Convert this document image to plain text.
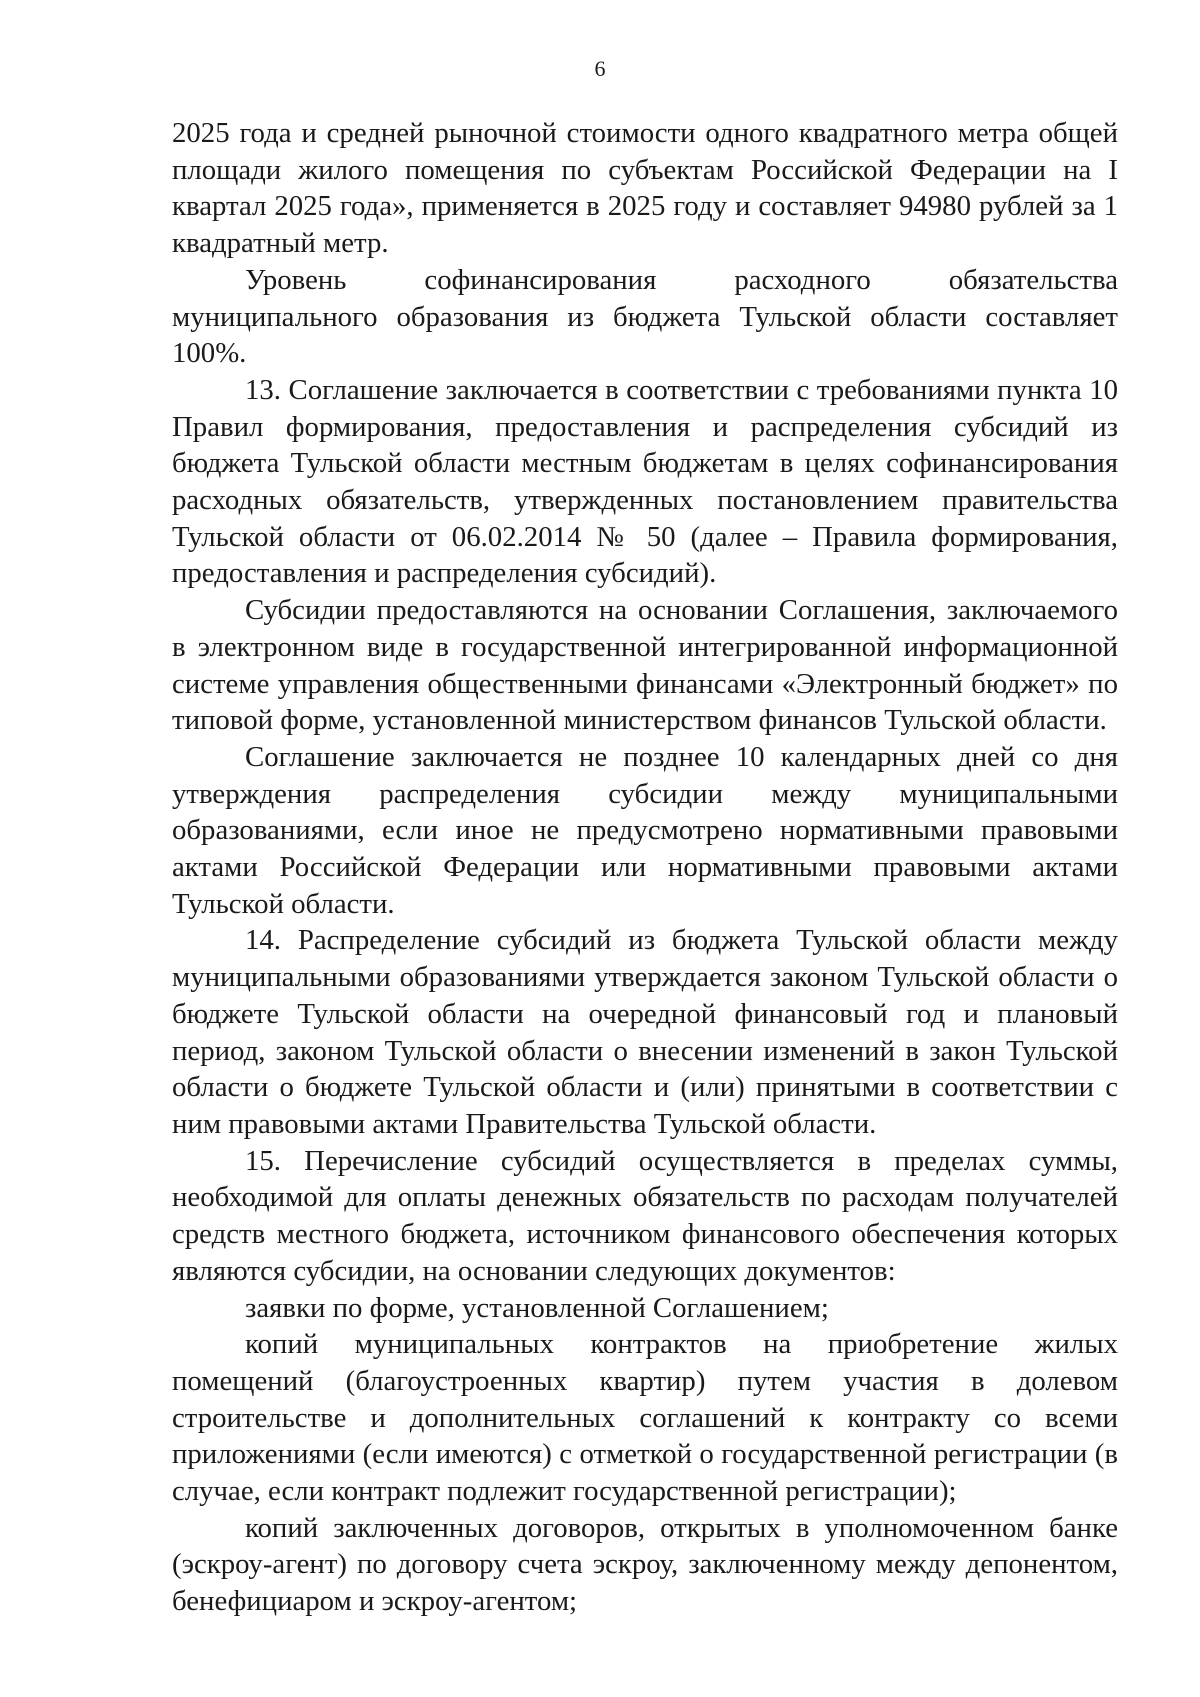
6

2025 года и средней рыночной стоимости одного квадратного метра общей площади жилого помещения по субъектам Российской Федерации на I квартал 2025 года», применяется в 2025 году и составляет 94980 рублей за 1 квадратный метр.

Уровень софинансирования расходного обязательства муниципального образования из бюджета Тульской области составляет 100%.

13. Соглашение заключается в соответствии с требованиями пункта 10 Правил формирования, предоставления и распределения субсидий из бюджета Тульской области местным бюджетам в целях софинансирования расходных обязательств, утвержденных постановлением правительства Тульской области от 06.02.2014 № 50 (далее – Правила формирования, предоставления и распределения субсидий).

Субсидии предоставляются на основании Соглашения, заключаемого в электронном виде в государственной интегрированной информационной системе управления общественными финансами «Электронный бюджет» по типовой форме, установленной министерством финансов Тульской области.

Соглашение заключается не позднее 10 календарных дней со дня утверждения распределения субсидии между муниципальными образованиями, если иное не предусмотрено нормативными правовыми актами Российской Федерации или нормативными правовыми актами Тульской области.

14. Распределение субсидий из бюджета Тульской области между муниципальными образованиями утверждается законом Тульской области о бюджете Тульской области на очередной финансовый год и плановый период, законом Тульской области о внесении изменений в закон Тульской области о бюджете Тульской области и (или) принятыми в соответствии с ним правовыми актами Правительства Тульской области.

15. Перечисление субсидий осуществляется в пределах суммы, необходимой для оплаты денежных обязательств по расходам получателей средств местного бюджета, источником финансового обеспечения которых являются субсидии, на основании следующих документов:

заявки по форме, установленной Соглашением;

копий муниципальных контрактов на приобретение жилых помещений (благоустроенных квартир) путем участия в долевом строительстве и дополнительных соглашений к контракту со всеми приложениями (если имеются) с отметкой о государственной регистрации (в случае, если контракт подлежит государственной регистрации);

копий заключенных договоров, открытых в уполномоченном банке (эскроу-агент) по договору счета эскроу, заключенному между депонентом, бенефициаром и эскроу-агентом;
